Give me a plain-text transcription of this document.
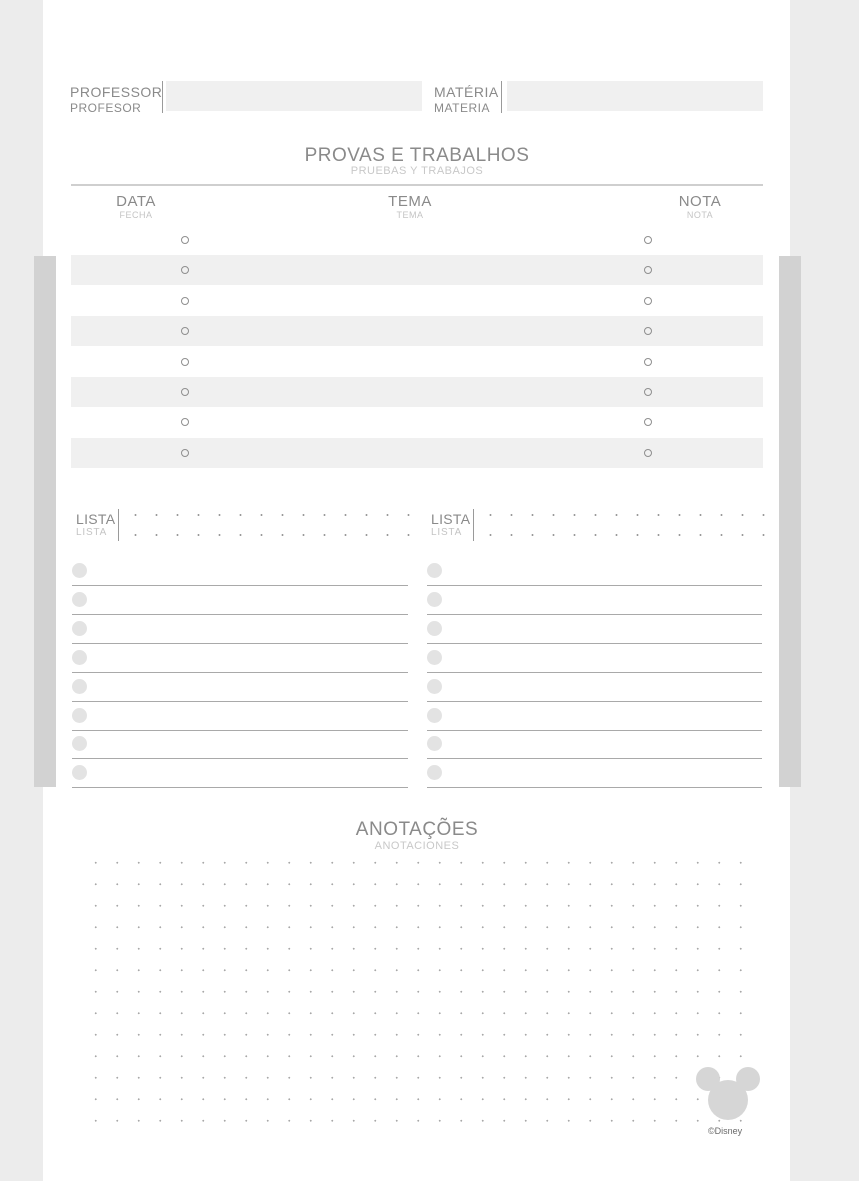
PROFESSOR
PROFESOR
MATÉRIA
MATERIA
PROVAS E TRABALHOS
PRUEBAS Y TRABAJOS
DATA
FECHA
TEMA
TEMA
NOTA
NOTA
LISTA
LISTA
LISTA
LISTA
ANOTAÇÕES
ANOTACIONES
©Disney
